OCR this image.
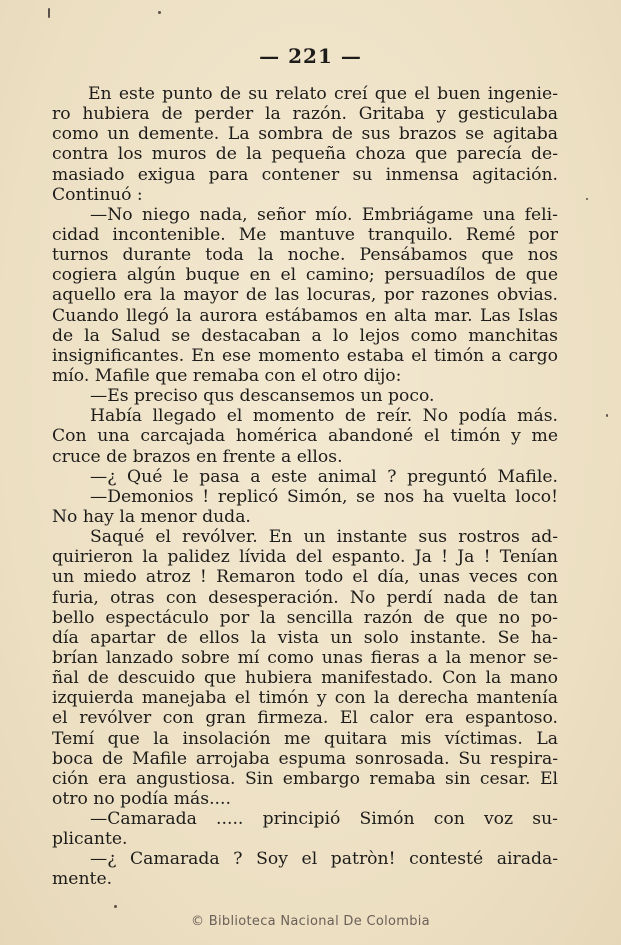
— 221 —
En este punto de su relato creí que el buen ingenie-
ro hubiera de perder la razón. Gritaba y gesticulaba
como un demente. La sombra de sus brazos se agitaba
contra los muros de la pequeña choza que parecía de-
masiado exigua para contener su inmensa agitación.
Continuó :
—No niego nada, señor mío. Embriágame una feli-
cidad incontenible. Me mantuve tranquilo. Remé por
turnos durante toda la noche. Pensábamos que nos
cogiera algún buque en el camino; persuadílos de que
aquello era la mayor de las locuras, por razones obvias.
Cuando llegó la aurora estábamos en alta mar. Las Islas
de la Salud se destacaban a lo lejos como manchitas
insignificantes. En ese momento estaba el timón a cargo
mío. Mafile que remaba con el otro dijo:
—Es preciso qus descansemos un poco.
Había llegado el momento de reír. No podía más.
Con una carcajada homérica abandoné el timón y me
cruce de brazos en frente a ellos.
—¿ Qué le pasa a este animal ? preguntó Mafile.
—Demonios ! replicó Simón, se nos ha vuelta loco!
No hay la menor duda.
Saqué el revólver. En un instante sus rostros ad-
quirieron la palidez lívida del espanto. Ja ! Ja ! Tenían
un miedo atroz ! Remaron todo el día, unas veces con
furia, otras con desesperación. No perdí nada de tan
bello espectáculo por la sencilla razón de que no po-
día apartar de ellos la vista un solo instante. Se ha-
brían lanzado sobre mí como unas fieras a la menor se-
ñal de descuido que hubiera manifestado. Con la mano
izquierda manejaba el timón y con la derecha mantenía
el revólver con gran firmeza. El calor era espantoso.
Temí que la insolación me quitara mis víctimas. La
boca de Mafile arrojaba espuma sonrosada. Su respira-
ción era angustiosa. Sin embargo remaba sin cesar. El
otro no podía más....
—Camarada ..... principió Simón con voz su-
plicante.
—¿ Camarada ? Soy el patròn! contesté airada-
mente.
© Biblioteca Nacional De Colombia
